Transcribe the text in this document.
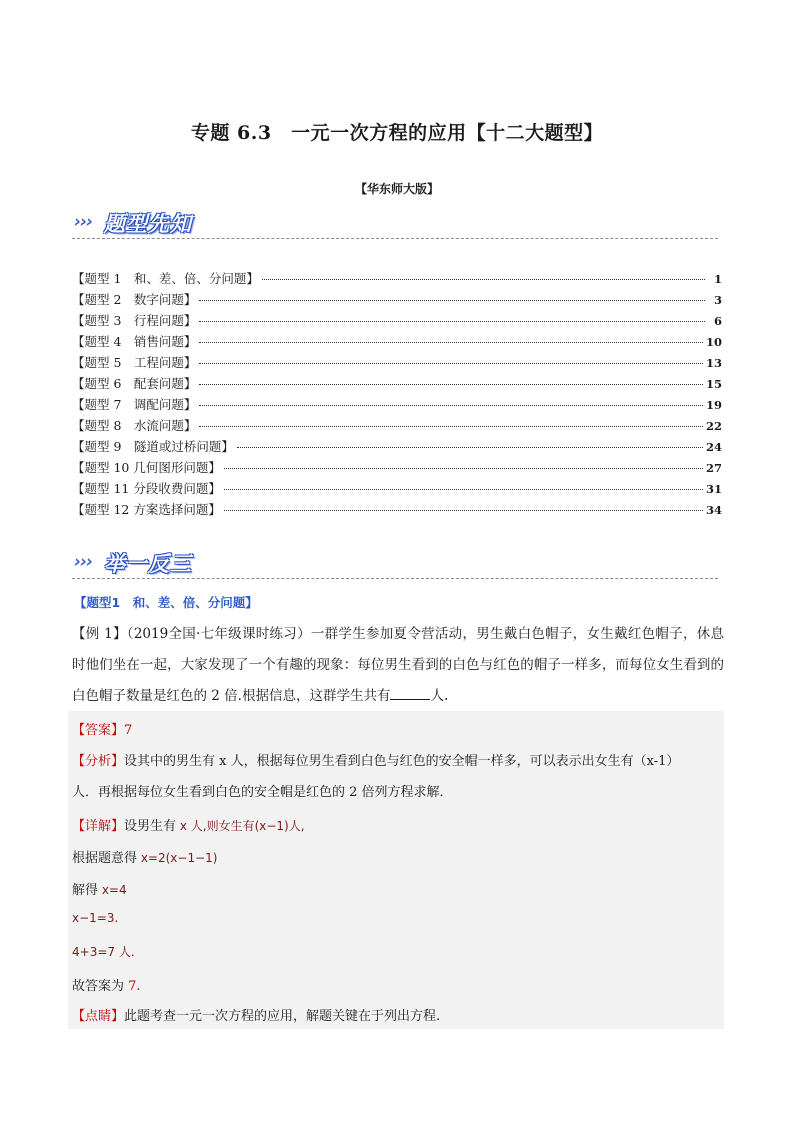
专题 6.3　一元一次方程的应用【十二大题型】
【华东师大版】
››› 题型先知
【题型 1　和、差、倍、分问题】	1
【题型 2　数字问题】	3
【题型 3　行程问题】	6
【题型 4　销售问题】	10
【题型 5　工程问题】	13
【题型 6　配套问题】	15
【题型 7　调配问题】	19
【题型 8　水流问题】	22
【题型 9　隧道或过桥问题】	24
【题型 10 几何图形问题】	27
【题型 11 分段收费问题】	31
【题型 12 方案选择问题】	34
››› 举一反三
【题型1　和、差、倍、分问题】
【例 1】（2019全国·七年级课时练习）一群学生参加夏令营活动，男生戴白色帽子，女生戴红色帽子，休息时他们坐在一起，大家发现了一个有趣的现象：每位男生看到的白色与红色的帽子一样多，而每位女生看到的白色帽子数量是红色的 2 倍.根据信息，这群学生共有	人.
【答案】7
【分析】设其中的男生有 x 人，根据每位男生看到白色与红色的安全帽一样多，可以表示出女生有（x-1）
人．再根据每位女生看到白色的安全帽是红色的 2 倍列方程求解．
【详解】设男生有 x 人,则女生有(x−1)人,
根据题意得 x=2(x−1−1)
解得 x=4
x−1=3.
4+3=7 人.
故答案为 7.
【点睛】此题考查一元一次方程的应用，解题关键在于列出方程.
